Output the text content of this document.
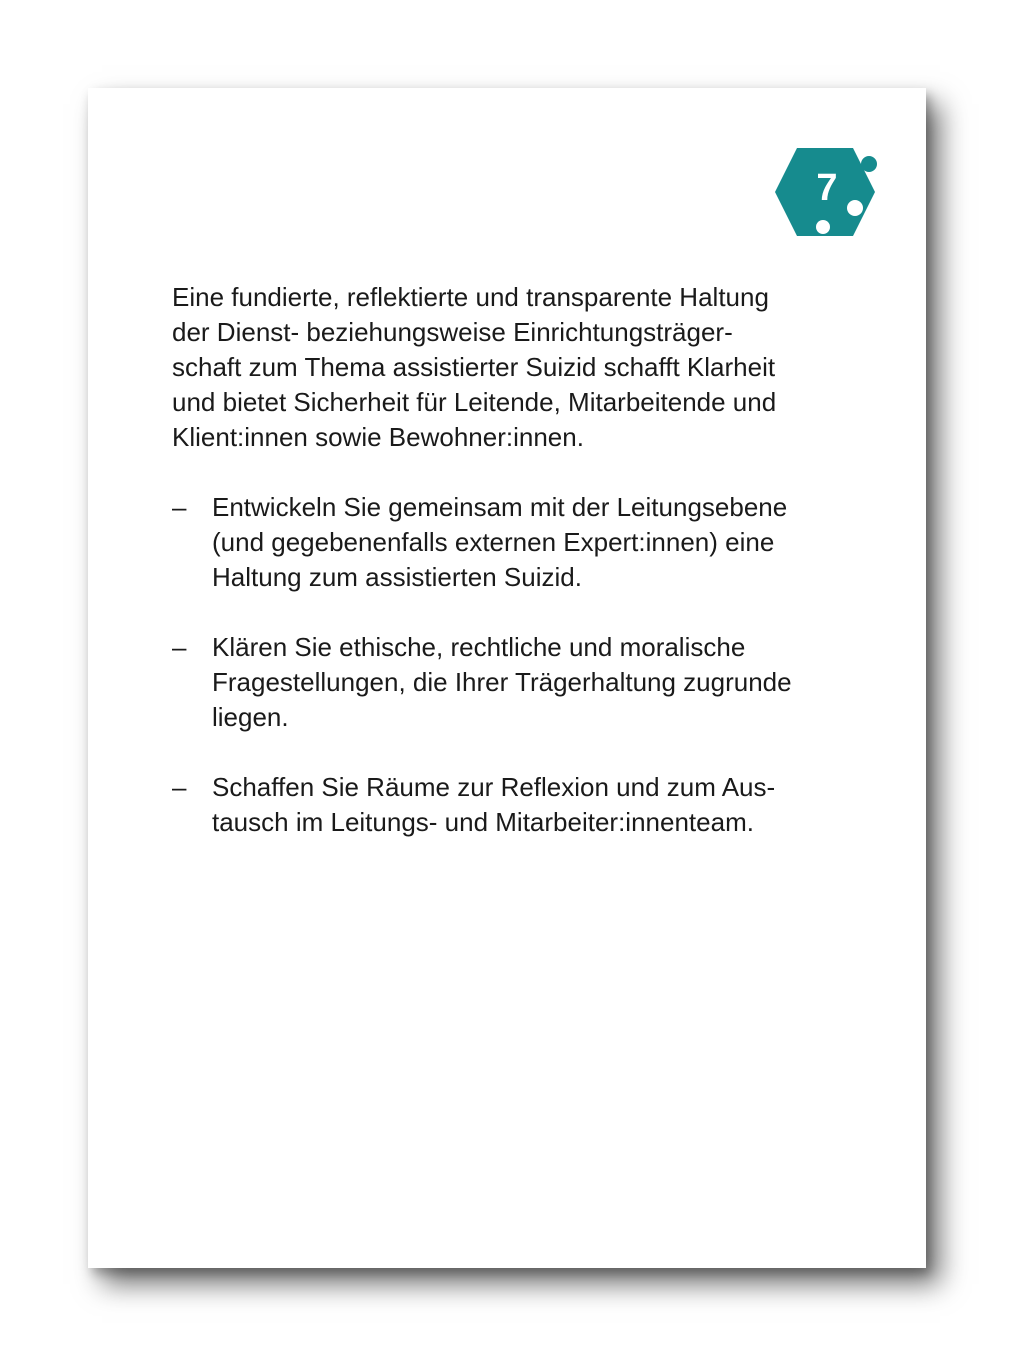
7

Eine fundierte, reflektierte und transparente Haltung
der Dienst- beziehungsweise Einrichtungsträger-
schaft zum Thema assistierter Suizid schafft Klarheit
und bietet Sicherheit für Leitende, Mitarbeitende und
Klient:innen sowie Bewohner:innen.

– Entwickeln Sie gemeinsam mit der Leitungsebene
(und gegebenenfalls externen Expert:innen) eine
Haltung zum assistierten Suizid.
– Klären Sie ethische, rechtliche und moralische
Fragestellungen, die Ihrer Trägerhaltung zugrunde
liegen.
– Schaffen Sie Räume zur Reflexion und zum Aus-
tausch im Leitungs- und Mitarbeiter:innenteam.
